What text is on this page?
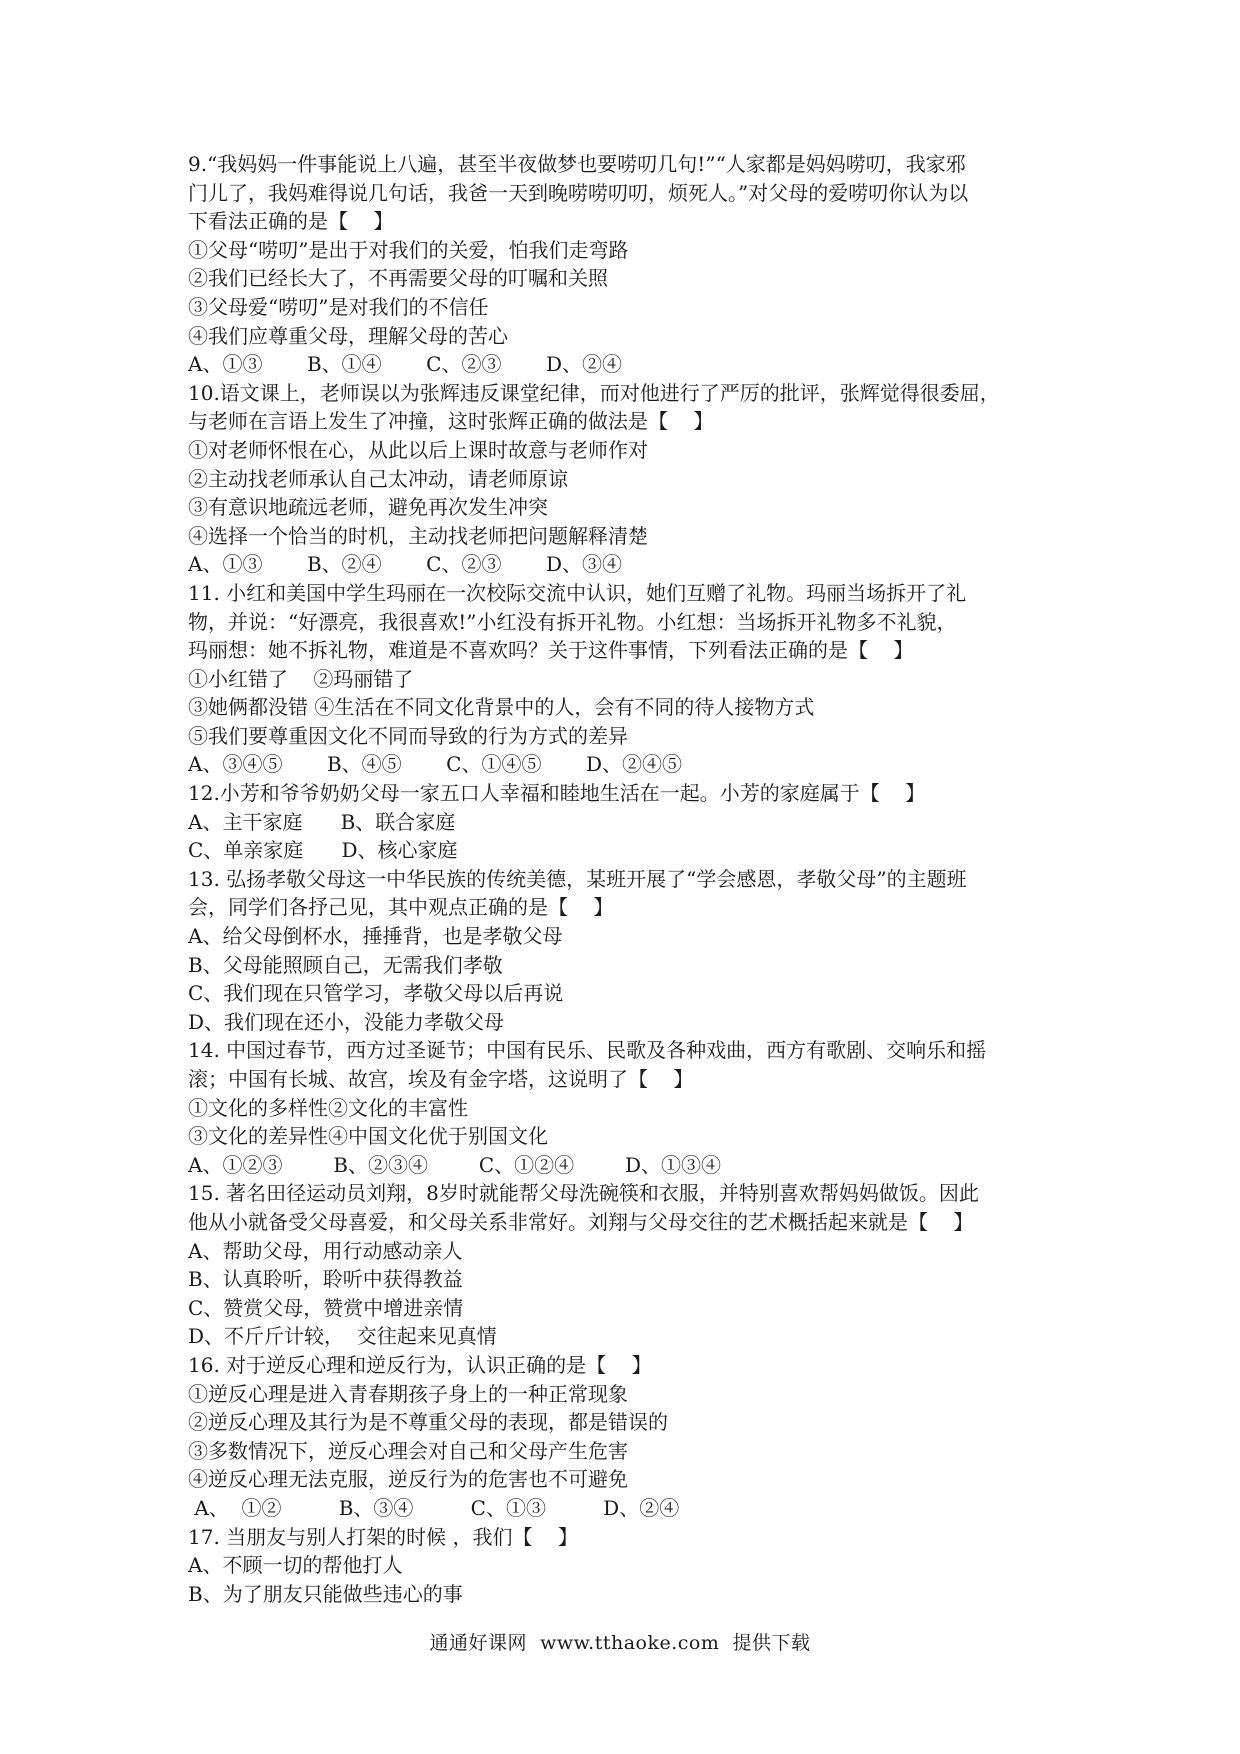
9.“我妈妈一件事能说上八遍，甚至半夜做梦也要唠叨几句!”“人家都是妈妈唠叨，我家邪
门儿了，我妈难得说几句话，我爸一天到晚唠唠叨叨，烦死人。”对父母的爱唠叨你认为以
下看法正确的是【    】
①父母“唠叨”是出于对我们的关爱，怕我们走弯路
②我们已经长大了，不再需要父母的叮嘱和关照
③父母爱“唠叨”是对我们的不信任
④我们应尊重父母，理解父母的苦心
A、①③       B、①④       C、②③       D、②④
10.语文课上，老师误以为张辉违反课堂纪律，而对他进行了严厉的批评，张辉觉得很委屈，
与老师在言语上发生了冲撞，这时张辉正确的做法是【    】
①对老师怀恨在心，从此以后上课时故意与老师作对
②主动找老师承认自己太冲动，请老师原谅
③有意识地疏远老师，避免再次发生冲突
④选择一个恰当的时机，主动找老师把问题解释清楚
A、①③       B、②④       C、②③       D、③④
11. 小红和美国中学生玛丽在一次校际交流中认识，她们互赠了礼物。玛丽当场拆开了礼
物，并说：“好漂亮，我很喜欢!”小红没有拆开礼物。小红想：当场拆开礼物多不礼貌，
玛丽想：她不拆礼物，难道是不喜欢吗？关于这件事情，下列看法正确的是【    】
①小红错了    ②玛丽错了
③她俩都没错 ④生活在不同文化背景中的人，会有不同的待人接物方式
⑤我们要尊重因文化不同而导致的行为方式的差异
A、③④⑤       B、④⑤       C、①④⑤       D、②④⑤
12.小芳和爷爷奶奶父母一家五口人幸福和睦地生活在一起。小芳的家庭属于【    】
A、主干家庭      B、联合家庭
C、单亲家庭      D、核心家庭
13. 弘扬孝敬父母这一中华民族的传统美德，某班开展了“学会感恩，孝敬父母”的主题班
会，同学们各抒己见，其中观点正确的是【    】
A、给父母倒杯水，捶捶背，也是孝敬父母
B、父母能照顾自己，无需我们孝敬
C、我们现在只管学习，孝敬父母以后再说
D、我们现在还小，没能力孝敬父母
14. 中国过春节，西方过圣诞节；中国有民乐、民歌及各种戏曲，西方有歌剧、交响乐和摇
滚；中国有长城、故宫，埃及有金字塔，这说明了【    】
①文化的多样性②文化的丰富性
③文化的差异性④中国文化优于别国文化
A、①②③        B、②③④        C、①②④        D、①③④
15. 著名田径运动员刘翔，8岁时就能帮父母洗碗筷和衣服，并特别喜欢帮妈妈做饭。因此
他从小就备受父母喜爱，和父母关系非常好。刘翔与父母交往的艺术概括起来就是【    】
A、帮助父母，用行动感动亲人
B、认真聆听，聆听中获得教益
C、赞赏父母，赞赏中增进亲情
D、不斤斤计较，  交往起来见真情
16. 对于逆反心理和逆反行为，认识正确的是【    】
①逆反心理是进入青春期孩子身上的一种正常现象
②逆反心理及其行为是不尊重父母的表现，都是错误的
③多数情况下，逆反心理会对自己和父母产生危害
④逆反心理无法克服，逆反行为的危害也不可避免
A、  ①②         B、③④         C、①③         D、②④
17. 当朋友与别人打架的时候 ，我们【    】
A、不顾一切的帮他打人
B、为了朋友只能做些违心的事
通通好课网  www.tthaoke.com  提供下载
